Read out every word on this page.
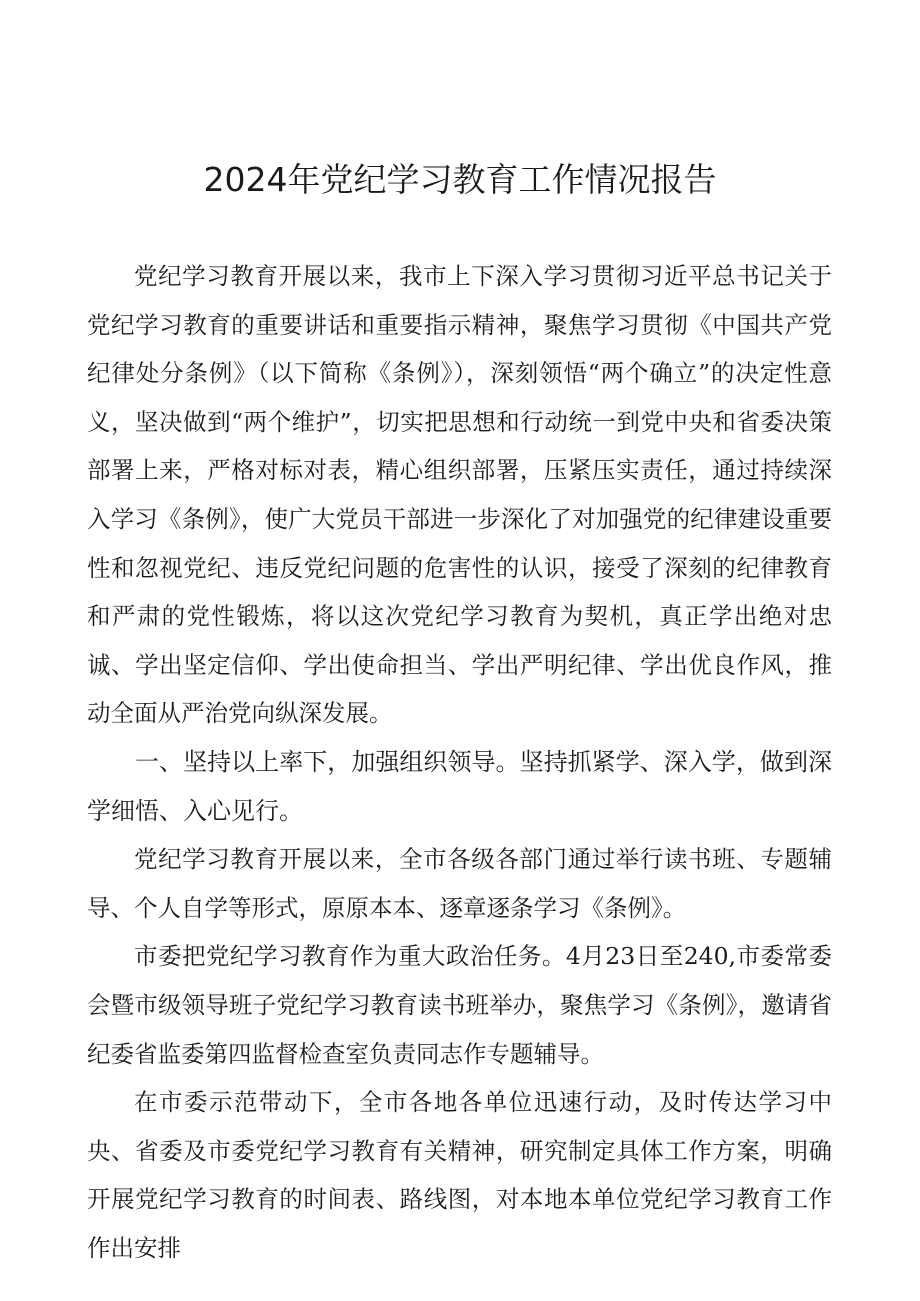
2024年党纪学习教育工作情况报告

党纪学习教育开展以来，我市上下深入学习贯彻习近平总书记关于党纪学习教育的重要讲话和重要指示精神，聚焦学习贯彻《中国共产党纪律处分条例》（以下简称《条例》），深刻领悟“两个确立”的决定性意义，坚决做到“两个维护”，切实把思想和行动统一到党中央和省委决策部署上来，严格对标对表，精心组织部署，压紧压实责任，通过持续深入学习《条例》，使广大党员干部进一步深化了对加强党的纪律建设重要性和忽视党纪、违反党纪问题的危害性的认识，接受了深刻的纪律教育和严肃的党性锻炼，将以这次党纪学习教育为契机，真正学出绝对忠诚、学出坚定信仰、学出使命担当、学出严明纪律、学出优良作风，推动全面从严治党向纵深发展。

一、坚持以上率下，加强组织领导。坚持抓紧学、深入学，做到深学细悟、入心见行。

党纪学习教育开展以来，全市各级各部门通过举行读书班、专题辅导、个人自学等形式，原原本本、逐章逐条学习《条例》。

市委把党纪学习教育作为重大政治任务。4月23日至240,市委常委会暨市级领导班子党纪学习教育读书班举办，聚焦学习《条例》，邀请省纪委省监委第四监督检查室负责同志作专题辅导。

在市委示范带动下，全市各地各单位迅速行动，及时传达学习中央、省委及市委党纪学习教育有关精神，研究制定具体工作方案，明确开展党纪学习教育的时间表、路线图，对本地本单位党纪学习教育工作作出安排
